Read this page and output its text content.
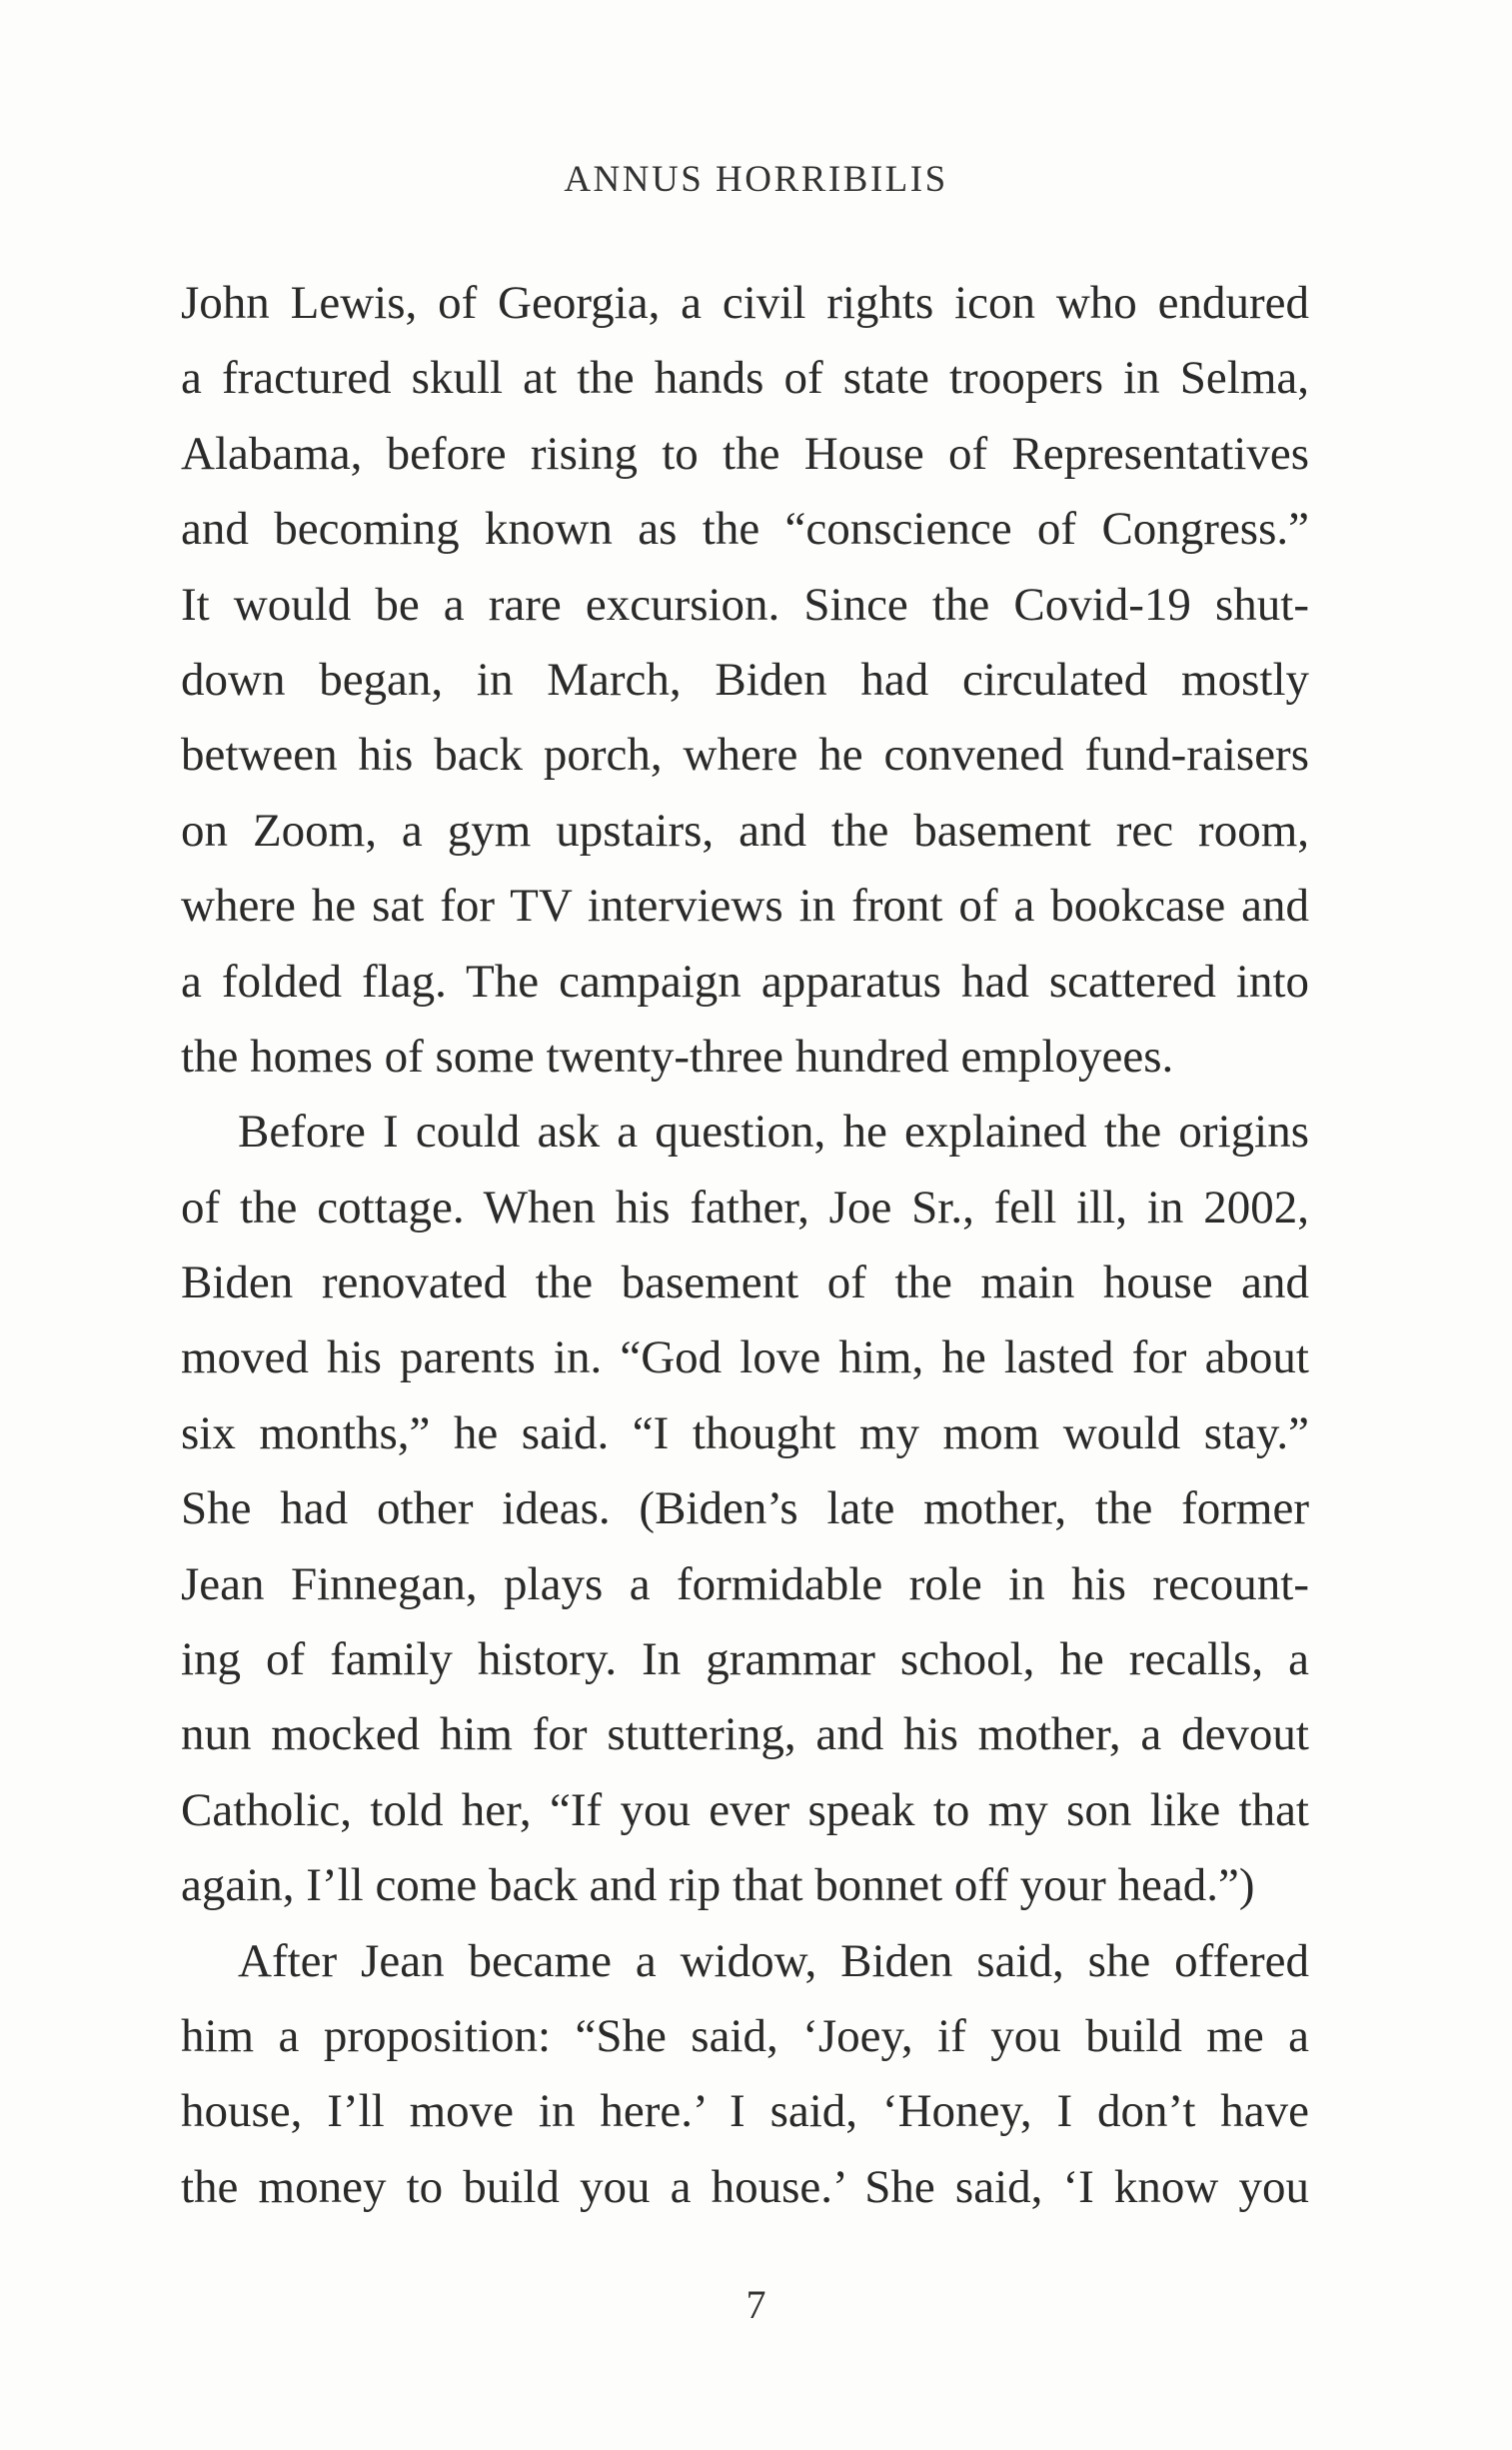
ANNUS HORRIBILIS
John Lewis, of Georgia, a civil rights icon who endured
a fractured skull at the hands of state troopers in Selma,
Alabama, before rising to the House of Representatives
and becoming known as the “conscience of Congress.”
It would be a rare excursion. Since the Covid-19 shut-
down began, in March, Biden had circulated mostly
between his back porch, where he convened fund-raisers
on Zoom, a gym upstairs, and the basement rec room,
where he sat for TV interviews in front of a bookcase and
a folded flag. The campaign apparatus had scattered into
the homes of some twenty-three hundred employees.
Before I could ask a question, he explained the origins
of the cottage. When his father, Joe Sr., fell ill, in 2002,
Biden renovated the basement of the main house and
moved his parents in. “God love him, he lasted for about
six months,” he said. “I thought my mom would stay.”
She had other ideas. (Biden’s late mother, the former
Jean Finnegan, plays a formidable role in his recount-
ing of family history. In grammar school, he recalls, a
nun mocked him for stuttering, and his mother, a devout
Catholic, told her, “If you ever speak to my son like that
again, I’ll come back and rip that bonnet off your head.”)
After Jean became a widow, Biden said, she offered
him a proposition: “She said, ‘Joey, if you build me a
house, I’ll move in here.’ I said, ‘Honey, I don’t have
the money to build you a house.’ She said, ‘I know you
7
